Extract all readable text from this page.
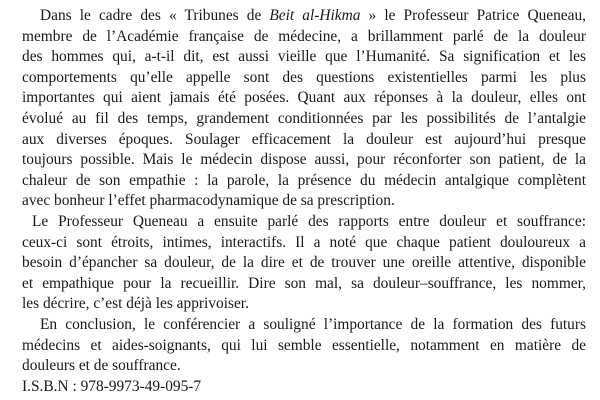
Dans le cadre des « Tribunes de Beit al-Hikma » le Professeur Patrice Queneau,
membre de l’Académie française de médecine, a brillamment parlé de la douleur
des hommes qui, a-t-il dit, est aussi vieille que l’Humanité. Sa signification et les
comportements qu’elle appelle sont des questions existentielles parmi les plus
importantes qui aient jamais été posées. Quant aux réponses à la douleur, elles ont
évolué au fil des temps, grandement conditionnées par les possibilités de l’antalgie
aux diverses époques. Soulager efficacement la douleur est aujourd’hui presque
toujours possible. Mais le médecin dispose aussi, pour réconforter son patient, de la
chaleur de son empathie : la parole, la présence du médecin antalgique complètent
avec bonheur l’effet pharmacodynamique de sa prescription.

Le Professeur Queneau a ensuite parlé des rapports entre douleur et souffrance:
ceux-ci sont étroits, intimes, interactifs. Il a noté que chaque patient douloureux a
besoin d’épancher sa douleur, de la dire et de trouver une oreille attentive, disponible
et empathique pour la recueillir. Dire son mal, sa douleur–souffrance, les nommer,
les décrire, c’est déjà les apprivoiser.

En conclusion, le conférencier a souligné l’importance de la formation des futurs
médecins et aides-soignants, qui lui semble essentielle, notamment en matière de
douleurs et de souffrance.

I.S.B.N : 978-9973-49-095-7
